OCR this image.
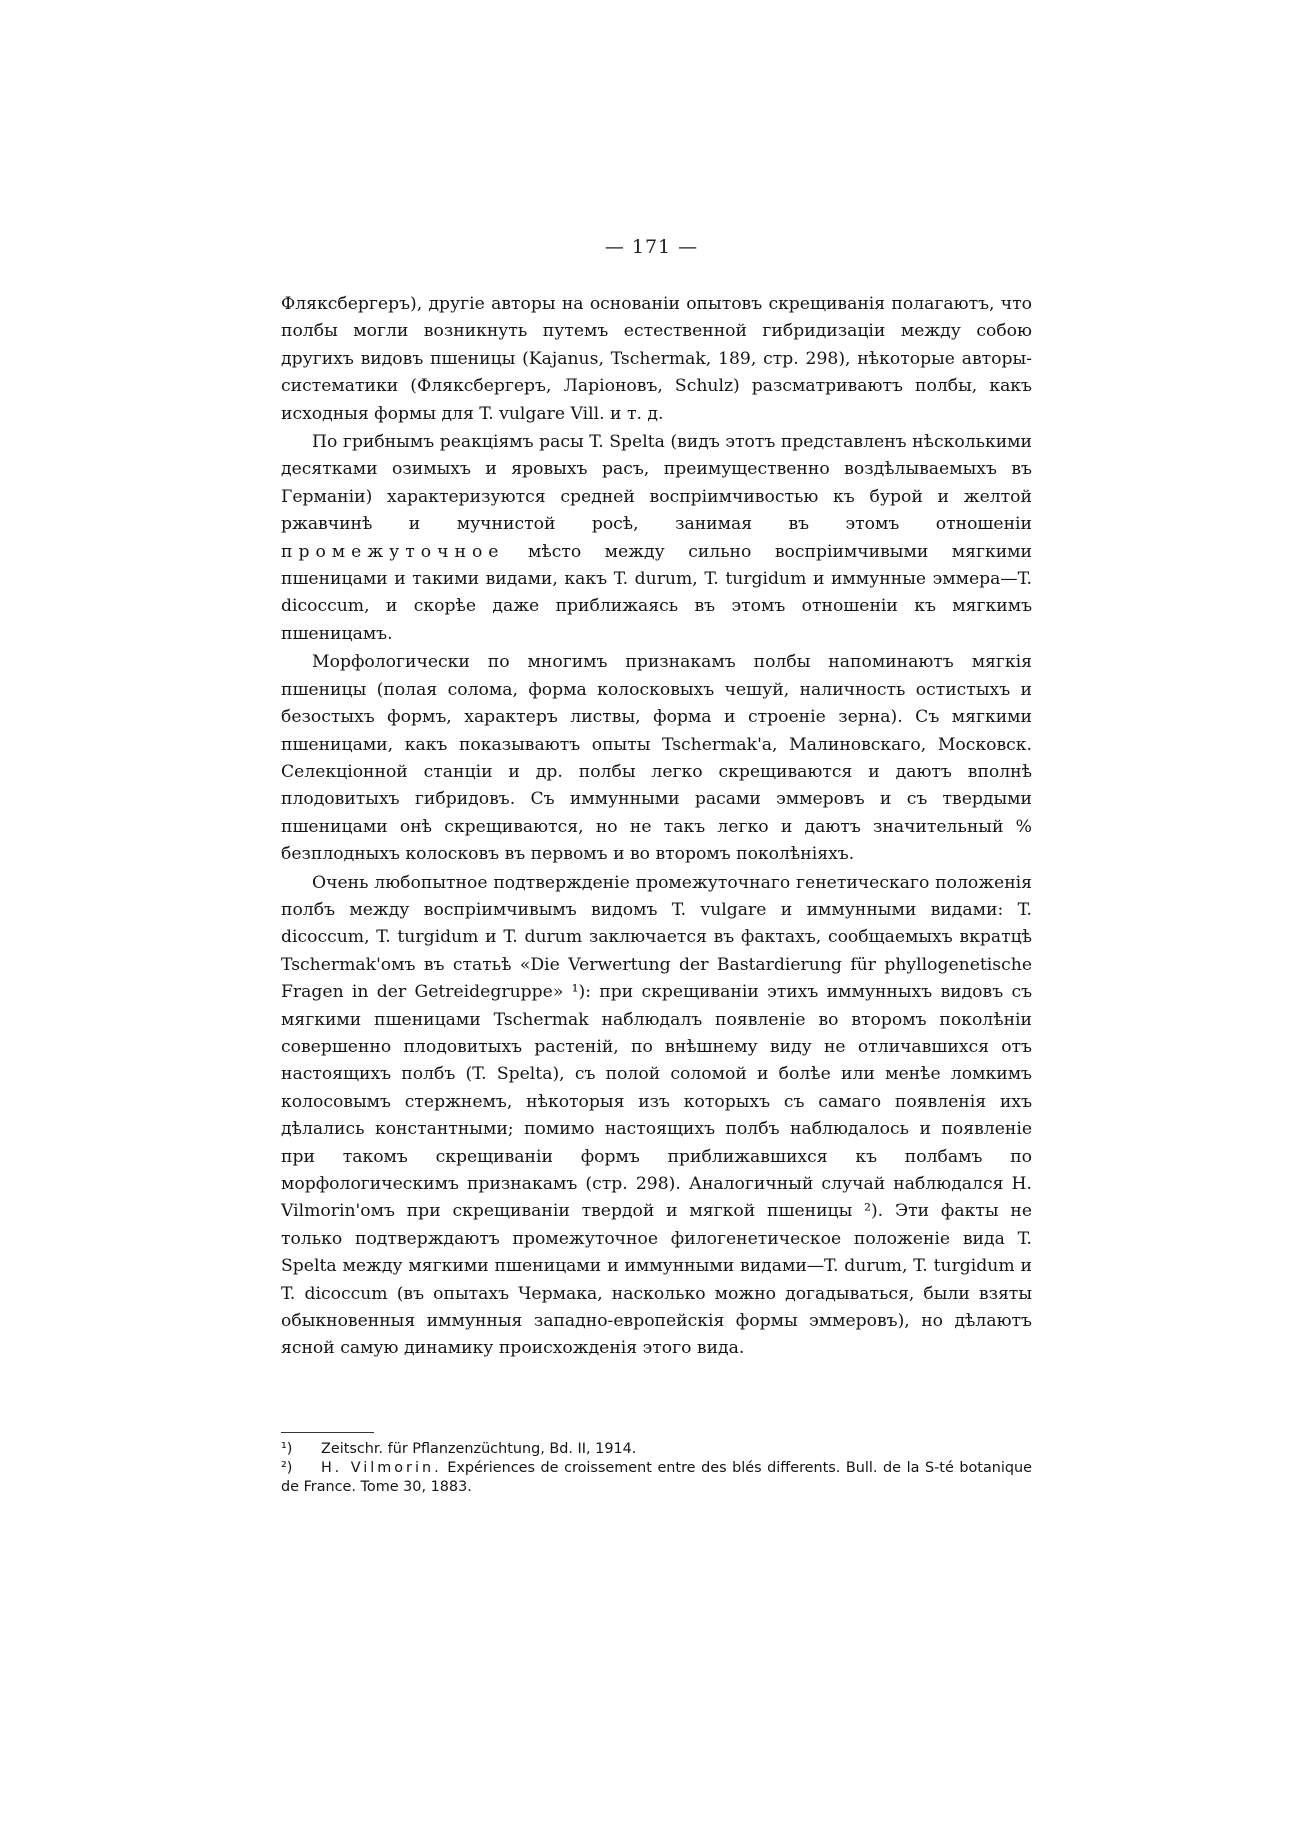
— 171 —

Фляксбергеръ), другіе авторы на основаніи опытовъ скрещиванія полагаютъ, что полбы могли возникнуть путемъ естественной гибридизаціи между собою другихъ видовъ пшеницы (Kajanus, Tschermak, 189, стр. 298), нѣкоторые авторы-систематики (Фляксбергеръ, Ларіоновъ, Schulz) разсматриваютъ полбы, какъ исходныя формы для T. vulgare Vill. и т. д.

По грибнымъ реакціямъ расы T. Spelta (видъ этотъ представленъ нѣсколькими десятками озимыхъ и яровыхъ расъ, преимущественно воздѣлываемыхъ въ Германіи) характеризуются средней воспріимчивостью къ бурой и желтой ржавчинѣ и мучнистой росѣ, занимая въ этомъ отношеніи промежуточное мѣсто между сильно воспріимчивыми мягкими пшеницами и такими видами, какъ T. durum, T. turgidum и иммунные эммера—T. dicoccum, и скорѣе даже приближаясь въ этомъ отношеніи къ мягкимъ пшеницамъ.

Морфологически по многимъ признакамъ полбы напоминаютъ мягкія пшеницы (полая солома, форма колосковыхъ чешуй, наличность остистыхъ и безостыхъ формъ, характеръ листвы, форма и строеніе зерна). Съ мягкими пшеницами, какъ показываютъ опыты Tschermak'а, Малиновскаго, Московск. Селекціонной станціи и др. полбы легко скрещиваются и даютъ вполнѣ плодовитыхъ гибридовъ. Съ иммунными расами эммеровъ и съ твердыми пшеницами онѣ скрещиваются, но не такъ легко и даютъ значительный % безплодныхъ колосковъ въ первомъ и во второмъ поколѣніяхъ.

Очень любопытное подтвержденіе промежуточнаго генетическаго положенія полбъ между воспріимчивымъ видомъ T. vulgare и иммунными видами: T. dicoccum, T. turgidum и T. durum заключается въ фактахъ, сообщаемыхъ вкратцѣ Tschermak'омъ въ статьѣ «Die Verwertung der Bastardierung für phyllogenetische Fragen in der Getreidegruppe» ¹): при скрещиваніи этихъ иммунныхъ видовъ съ мягкими пшеницами Tschermak наблюдалъ появленіе во второмъ поколѣніи совершенно плодовитыхъ растеній, по внѣшнему виду не отличавшихся отъ настоящихъ полбъ (T. Spelta), съ полой соломой и болѣе или менѣе ломкимъ колосовымъ стержнемъ, нѣкоторыя изъ которыхъ съ самаго появленія ихъ дѣлались константными; помимо настоящихъ полбъ наблюдалось и появленіе при такомъ скрещиваніи формъ приближавшихся къ полбамъ по морфологическимъ признакамъ (стр. 298). Аналогичный случай наблюдался H. Vilmorin'омъ при скрещиваніи твердой и мягкой пшеницы ²). Эти факты не только подтверждаютъ промежуточное филогенетическое положеніе вида T. Spelta между мягкими пшеницами и иммунными видами—T. durum, T. turgidum и T. dicoccum (въ опытахъ Чермака, насколько можно догадываться, были взяты обыкновенныя иммунныя западно-европейскія формы эммеровъ), но дѣлаютъ ясной самую динамику происхожденія этого вида.

¹) Zeitschr. für Pflanzenzüchtung, Bd. II, 1914.

²) H. Vilmorin. Expériences de croissement entre des blés differents. Bull. de la S-té botanique de France. Tome 30, 1883.
